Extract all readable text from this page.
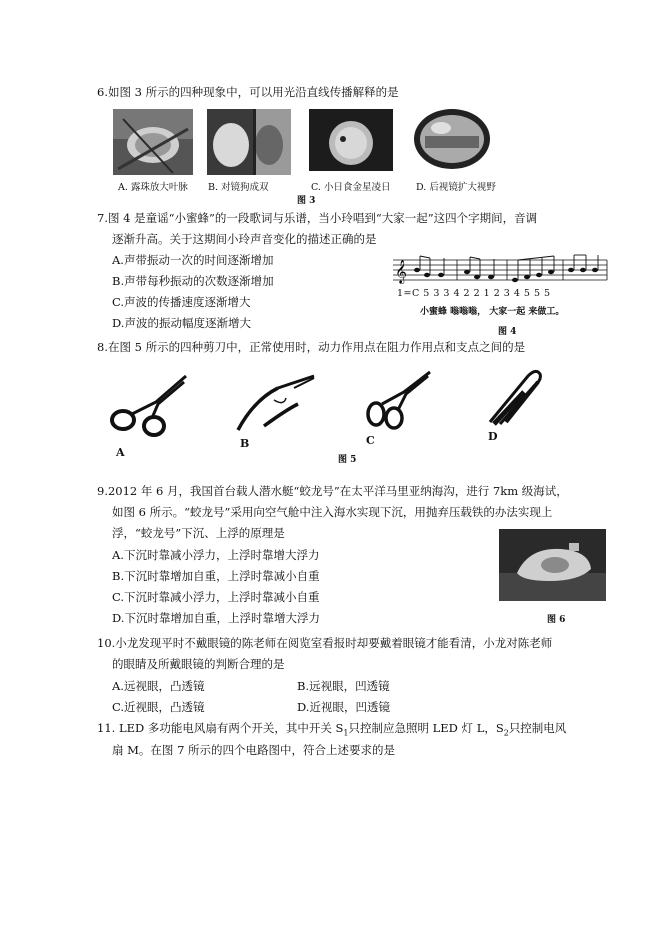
6.如图 3 所示的四种现象中，可以用光沿直线传播解释的是
A. 露珠放大叶脉 B. 对镜狗成双	C. 小日食金星凌日	D. 后视镜扩大视野
图 3
7.图 4 是童谣“小蜜蜂”的一段歌词与乐谱，当小玲唱到“大家一起”这四个字期间，音调
逐渐升高。关于这期间小玲声音变化的描述正确的是
A.声带振动一次的时间逐渐增加
B.声带每秒振动的次数逐渐增加
C.声波的传播速度逐渐增大
D.声波的振动幅度逐渐增大
𝄞
1=C 5 3 3 4 2 2 1 2 3 4 5 5 5
小蜜蜂 嗡嗡嗡， 大家一起 来做工。
图 4
8.在图 5 所示的四种剪刀中，正常使用时，动力作用点在阻力作用点和支点之间的是
A
B	C	D
图 5
9.2012 年 6 月，我国首台载人潜水艇“蛟龙号”在太平洋马里亚纳海沟，进行 7km 级海试，
如图 6 所示。“蛟龙号”采用向空气舱中注入海水实现下沉，用抛弃压载铁的办法实现上
浮，“蛟龙号”下沉、上浮的原理是
A.下沉时靠减小浮力，上浮时靠增大浮力
B.下沉时靠增加自重，上浮时靠减小自重
C.下沉时靠减小浮力，上浮时靠减小自重
D.下沉时靠增加自重，上浮时靠增大浮力	图 6
10.小龙发现平时不戴眼镜的陈老师在阅览室看报时却要戴着眼镜才能看清，小龙对陈老师
的眼睛及所戴眼镜的判断合理的是
A.远视眼，凸透镜	B.远视眼，凹透镜
C.近视眼，凸透镜	D.近视眼，凹透镜
11. LED 多功能电风扇有两个开关，其中开关 $S_1$只控制应急照明 LED 灯 L，$S_2$只控制电风
扇 M。在图 7 所示的四个电路图中，符合上述要求的是
